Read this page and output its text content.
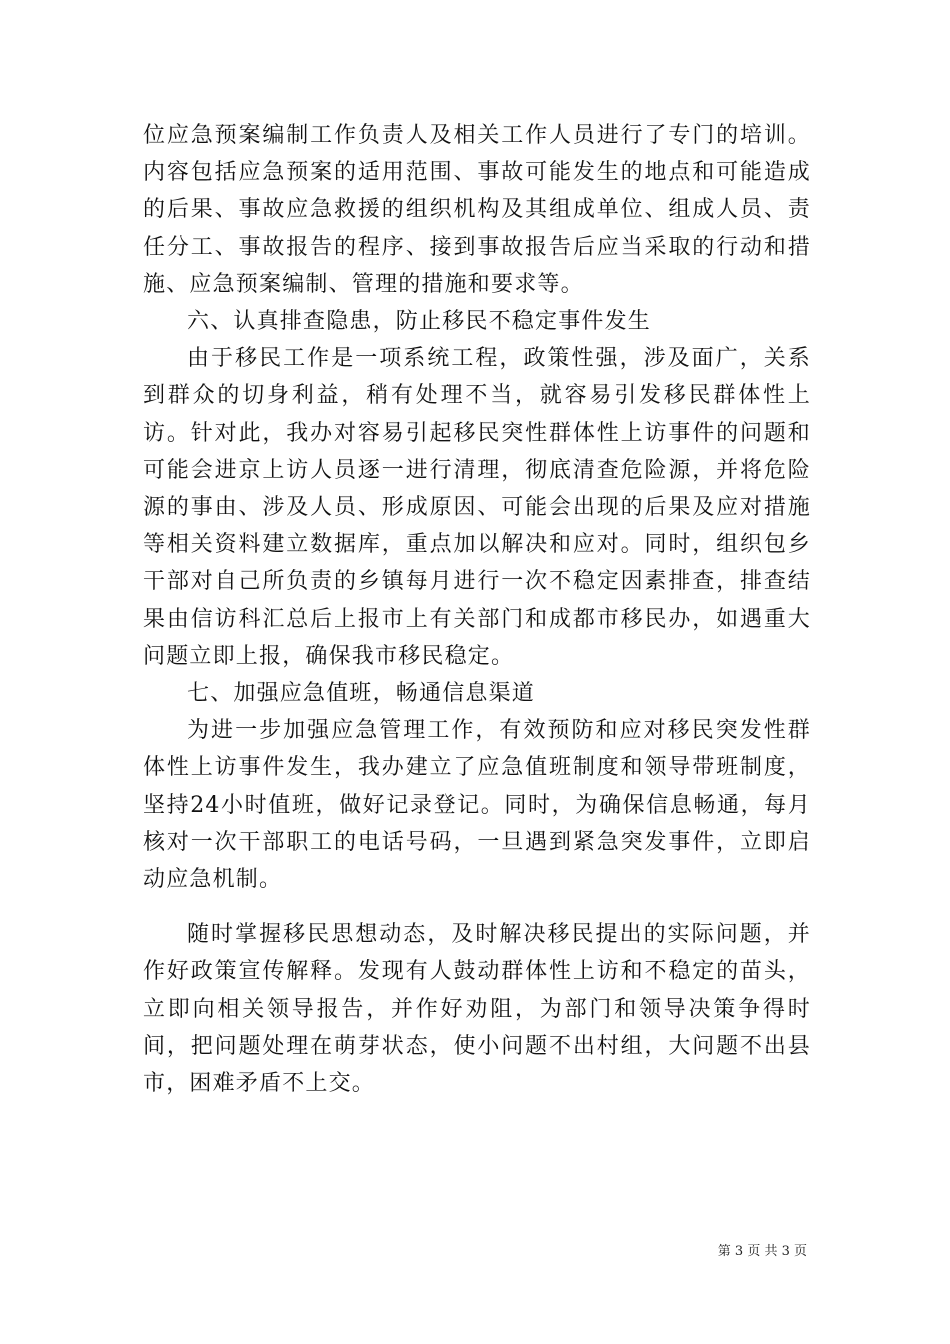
位应急预案编制工作负责人及相关工作人员进行了专门的培训。内容包括应急预案的适用范围、事故可能发生的地点和可能造成的后果、事故应急救援的组织机构及其组成单位、组成人员、责任分工、事故报告的程序、接到事故报告后应当采取的行动和措施、应急预案编制、管理的措施和要求等。

六、认真排查隐患，防止移民不稳定事件发生

由于移民工作是一项系统工程，政策性强，涉及面广，关系到群众的切身利益，稍有处理不当，就容易引发移民群体性上访。针对此，我办对容易引起移民突性群体性上访事件的问题和可能会进京上访人员逐一进行清理，彻底清查危险源，并将危险源的事由、涉及人员、形成原因、可能会出现的后果及应对措施等相关资料建立数据库，重点加以解决和应对。同时，组织包乡干部对自己所负责的乡镇每月进行一次不稳定因素排查，排查结果由信访科汇总后上报市上有关部门和成都市移民办，如遇重大问题立即上报，确保我市移民稳定。

七、加强应急值班，畅通信息渠道

为进一步加强应急管理工作，有效预防和应对移民突发性群体性上访事件发生，我办建立了应急值班制度和领导带班制度，坚持24小时值班，做好记录登记。同时，为确保信息畅通，每月核对一次干部职工的电话号码，一旦遇到紧急突发事件，立即启动应急机制。

随时掌握移民思想动态，及时解决移民提出的实际问题，并作好政策宣传解释。发现有人鼓动群体性上访和不稳定的苗头，立即向相关领导报告，并作好劝阻，为部门和领导决策争得时间，把问题处理在萌芽状态，使小问题不出村组，大问题不出县市，困难矛盾不上交。

第 3 页 共 3 页
